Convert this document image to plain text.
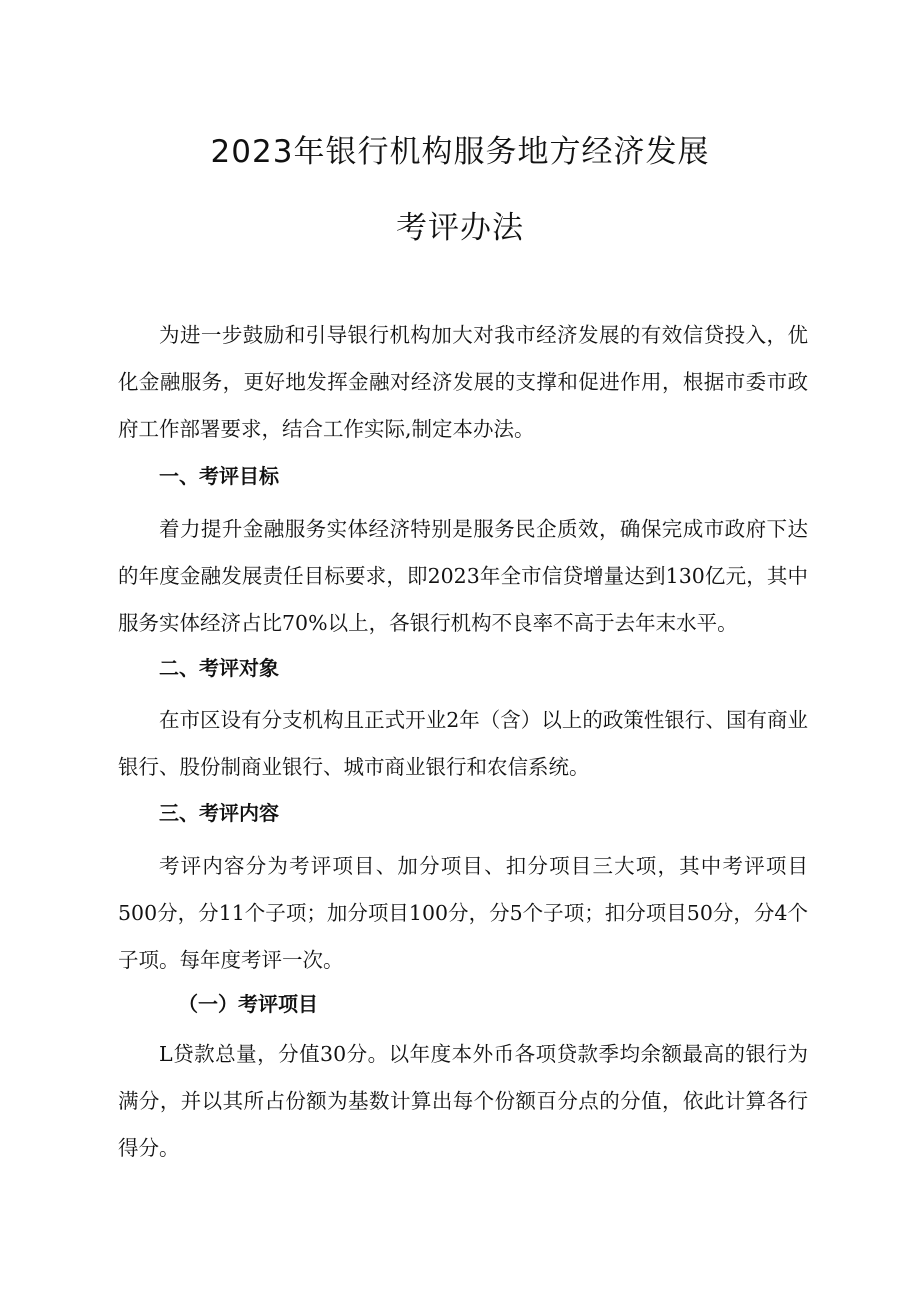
2023年银行机构服务地方经济发展
考评办法

为进一步鼓励和引导银行机构加大对我市经济发展的有效信贷投入，优化金融服务，更好地发挥金融对经济发展的支撑和促进作用，根据市委市政府工作部署要求，结合工作实际,制定本办法。

一、考评目标

着力提升金融服务实体经济特别是服务民企质效，确保完成市政府下达的年度金融发展责任目标要求，即2023年全市信贷增量达到130亿元，其中服务实体经济占比70%以上，各银行机构不良率不高于去年末水平。

二、考评对象

在市区设有分支机构且正式开业2年（含）以上的政策性银行、国有商业银行、股份制商业银行、城市商业银行和农信系统。

三、考评内容

考评内容分为考评项目、加分项目、扣分项目三大项，其中考评项目500分，分11个子项；加分项目100分，分5个子项；扣分项目50分，分4个子项。每年度考评一次。

（一）考评项目

L贷款总量，分值30分。以年度本外币各项贷款季均余额最高的银行为满分，并以其所占份额为基数计算出每个份额百分点的分值，依此计算各行得分。
